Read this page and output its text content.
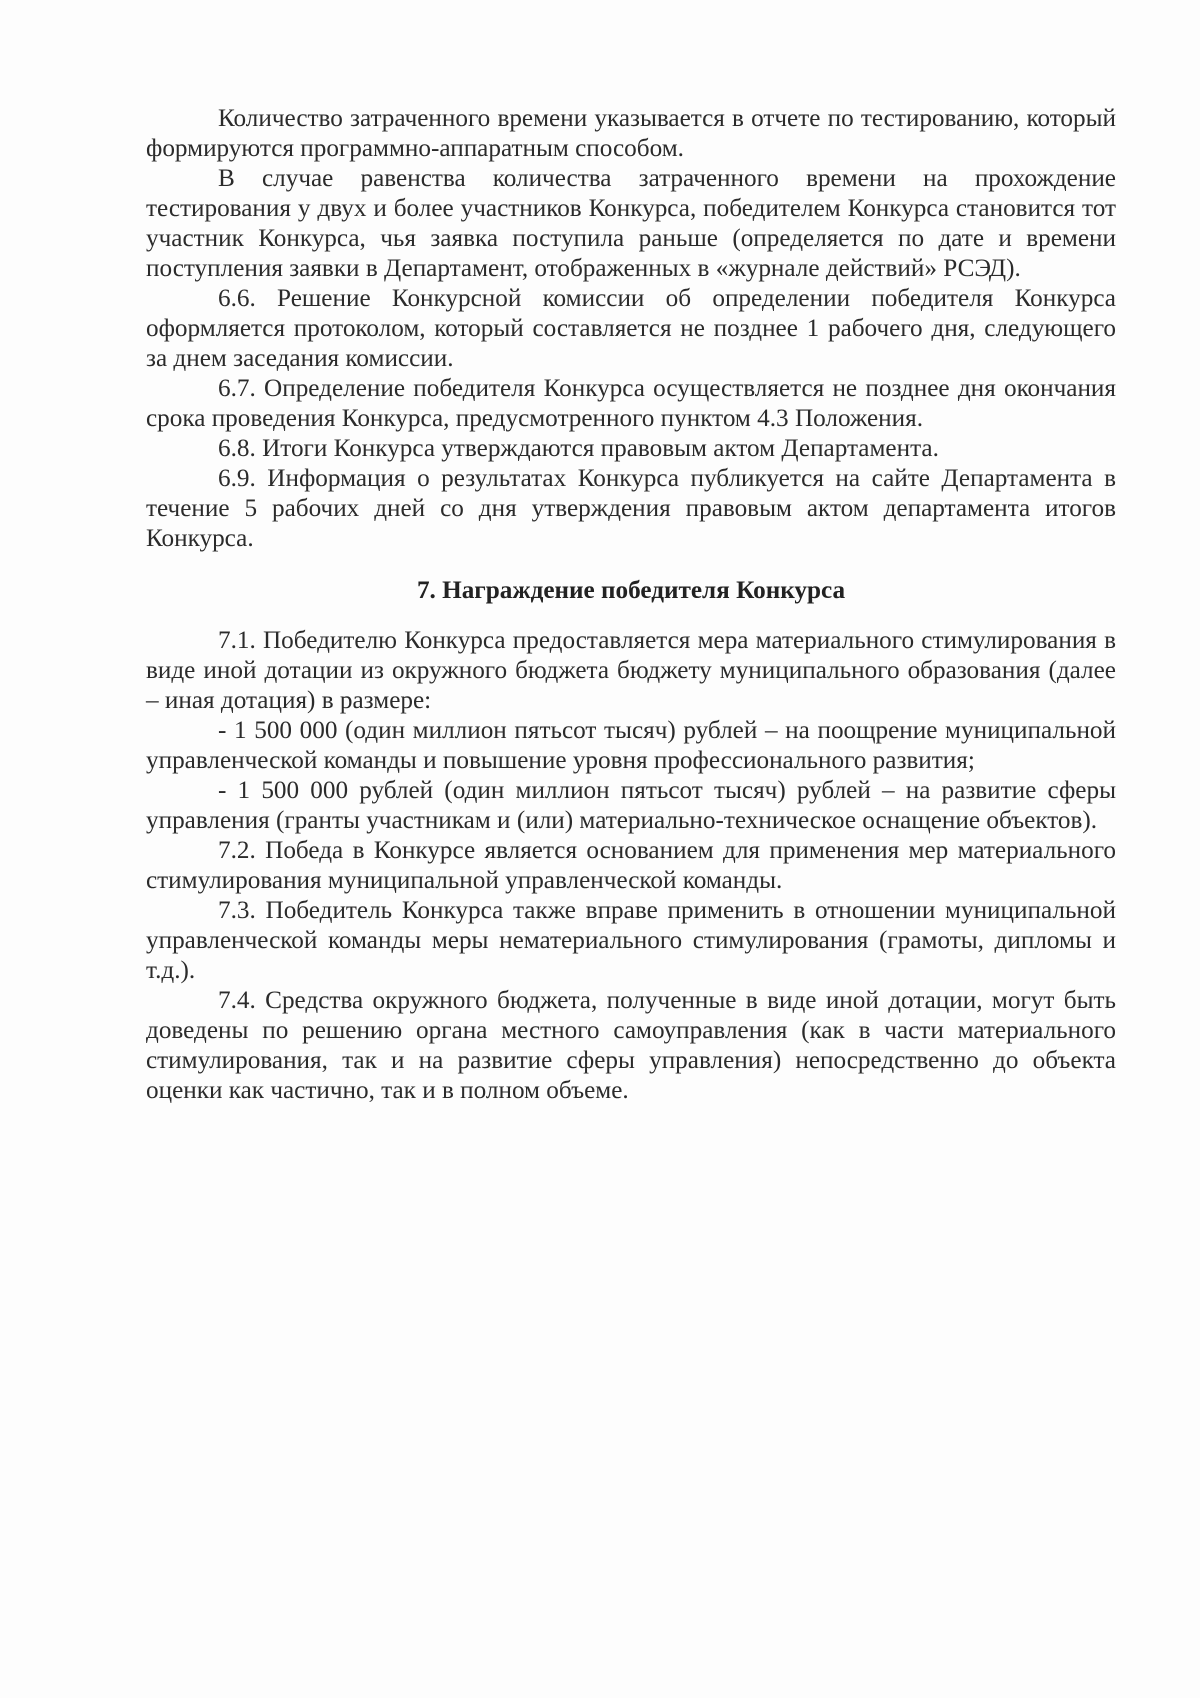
Количество затраченного времени указывается в отчете по тестированию, который формируются программно-аппаратным способом.

В случае равенства количества затраченного времени на прохождение тестирования у двух и более участников Конкурса, победителем Конкурса становится тот участник Конкурса, чья заявка поступила раньше (определяется по дате и времени поступления заявки в Департамент, отображенных в «журнале действий» РСЭД).

6.6. Решение Конкурсной комиссии об определении победителя Конкурса оформляется протоколом, который составляется не позднее 1 рабочего дня, следующего за днем заседания комиссии.

6.7. Определение победителя Конкурса осуществляется не позднее дня окончания срока проведения Конкурса, предусмотренного пунктом 4.3 Положения.

6.8. Итоги Конкурса утверждаются правовым актом Департамента.

6.9. Информация о результатах Конкурса публикуется на сайте Департамента в течение 5 рабочих дней со дня утверждения правовым актом департамента итогов Конкурса.

7. Награждение победителя Конкурса

7.1. Победителю Конкурса предоставляется мера материального стимулирования в виде иной дотации из окружного бюджета бюджету муниципального образования (далее – иная дотация) в размере:

- 1 500 000 (один миллион пятьсот тысяч) рублей – на поощрение муниципальной управленческой команды и повышение уровня профессионального развития;

- 1 500 000 рублей (один миллион пятьсот тысяч) рублей – на развитие сферы управления (гранты участникам и (или) материально-техническое оснащение объектов).

7.2. Победа в Конкурсе является основанием для применения мер материального стимулирования муниципальной управленческой команды.

7.3. Победитель Конкурса также вправе применить в отношении муниципальной управленческой команды меры нематериального стимулирования (грамоты, дипломы и т.д.).

7.4. Средства окружного бюджета, полученные в виде иной дотации, могут быть доведены по решению органа местного самоуправления (как в части материального стимулирования, так и на развитие сферы управления) непосредственно до объекта оценки как частично, так и в полном объеме.
